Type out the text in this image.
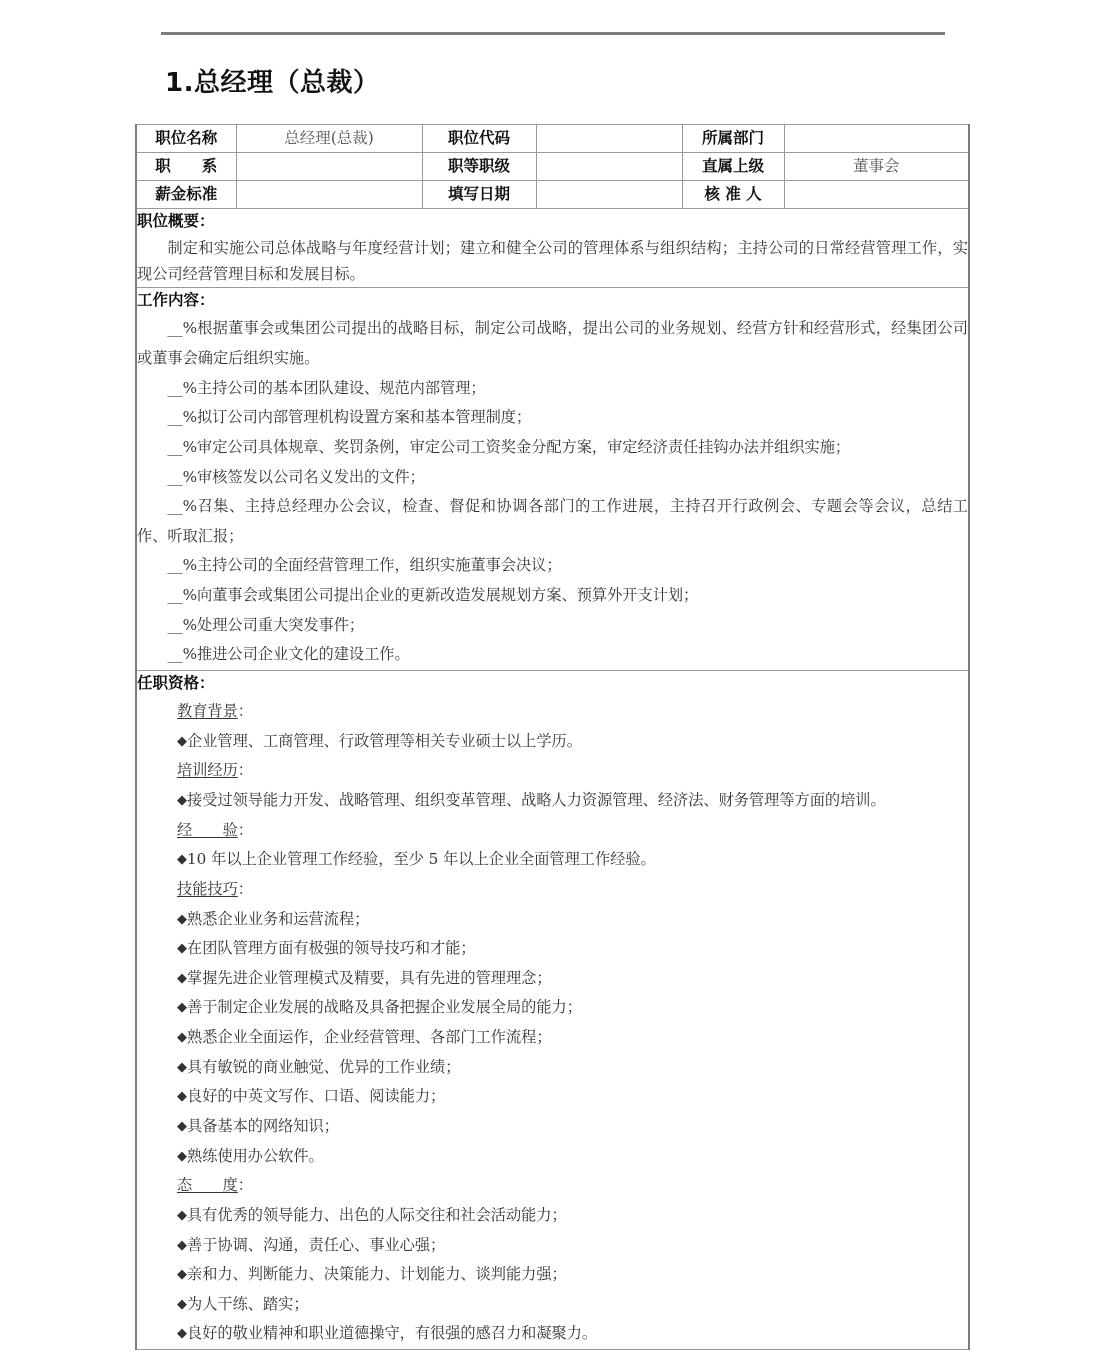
1.总经理（总裁）
职位名称	总经理(总裁)	职位代码		所属部门	
职　　系		职等职级		直属上级	董事会
薪金标准		填写日期		核 准 人	

职位概要：

制定和实施公司总体战略与年度经营计划；建立和健全公司的管理体系与组织结构；主持公司的日常经营管理工作，实现公司经营管理目标和发展目标。					

工作内容：

__%根据董事会或集团公司提出的战略目标，制定公司战略，提出公司的业务规划、经营方针和经营形式，经集团公司或董事会确定后组织实施。

__%主持公司的基本团队建设、规范内部管理；

__%拟订公司内部管理机构设置方案和基本管理制度；

__%审定公司具体规章、奖罚条例，审定公司工资奖金分配方案，审定经济责任挂钩办法并组织实施；

__%审核签发以公司名义发出的文件；

__%召集、主持总经理办公会议，检查、督促和协调各部门的工作进展，主持召开行政例会、专题会等会议，总结工作、听取汇报；

__%主持公司的全面经营管理工作，组织实施董事会决议；

__%向董事会或集团公司提出企业的更新改造发展规划方案、预算外开支计划；

__%处理公司重大突发事件；

__%推进公司企业文化的建设工作。

任职资格：

教育背景：

◆企业管理、工商管理、行政管理等相关专业硕士以上学历。

培训经历：

◆接受过领导能力开发、战略管理、组织变革管理、战略人力资源管理、经济法、财务管理等方面的培训。

经　　验：

◆10 年以上企业管理工作经验，至少 5 年以上企业全面管理工作经验。

技能技巧：

◆熟悉企业业务和运营流程；

◆在团队管理方面有极强的领导技巧和才能；

◆掌握先进企业管理模式及精要，具有先进的管理理念；

◆善于制定企业发展的战略及具备把握企业发展全局的能力；

◆熟悉企业全面运作，企业经营管理、各部门工作流程；

◆具有敏锐的商业触觉、优异的工作业绩；

◆良好的中英文写作、口语、阅读能力；

◆具备基本的网络知识；

◆熟练使用办公软件。

态　　度：

◆具有优秀的领导能力、出色的人际交往和社会活动能力；

◆善于协调、沟通，责任心、事业心强；

◆亲和力、判断能力、决策能力、计划能力、谈判能力强；

◆为人干练、踏实；

◆良好的敬业精神和职业道德操守，有很强的感召力和凝聚力。
